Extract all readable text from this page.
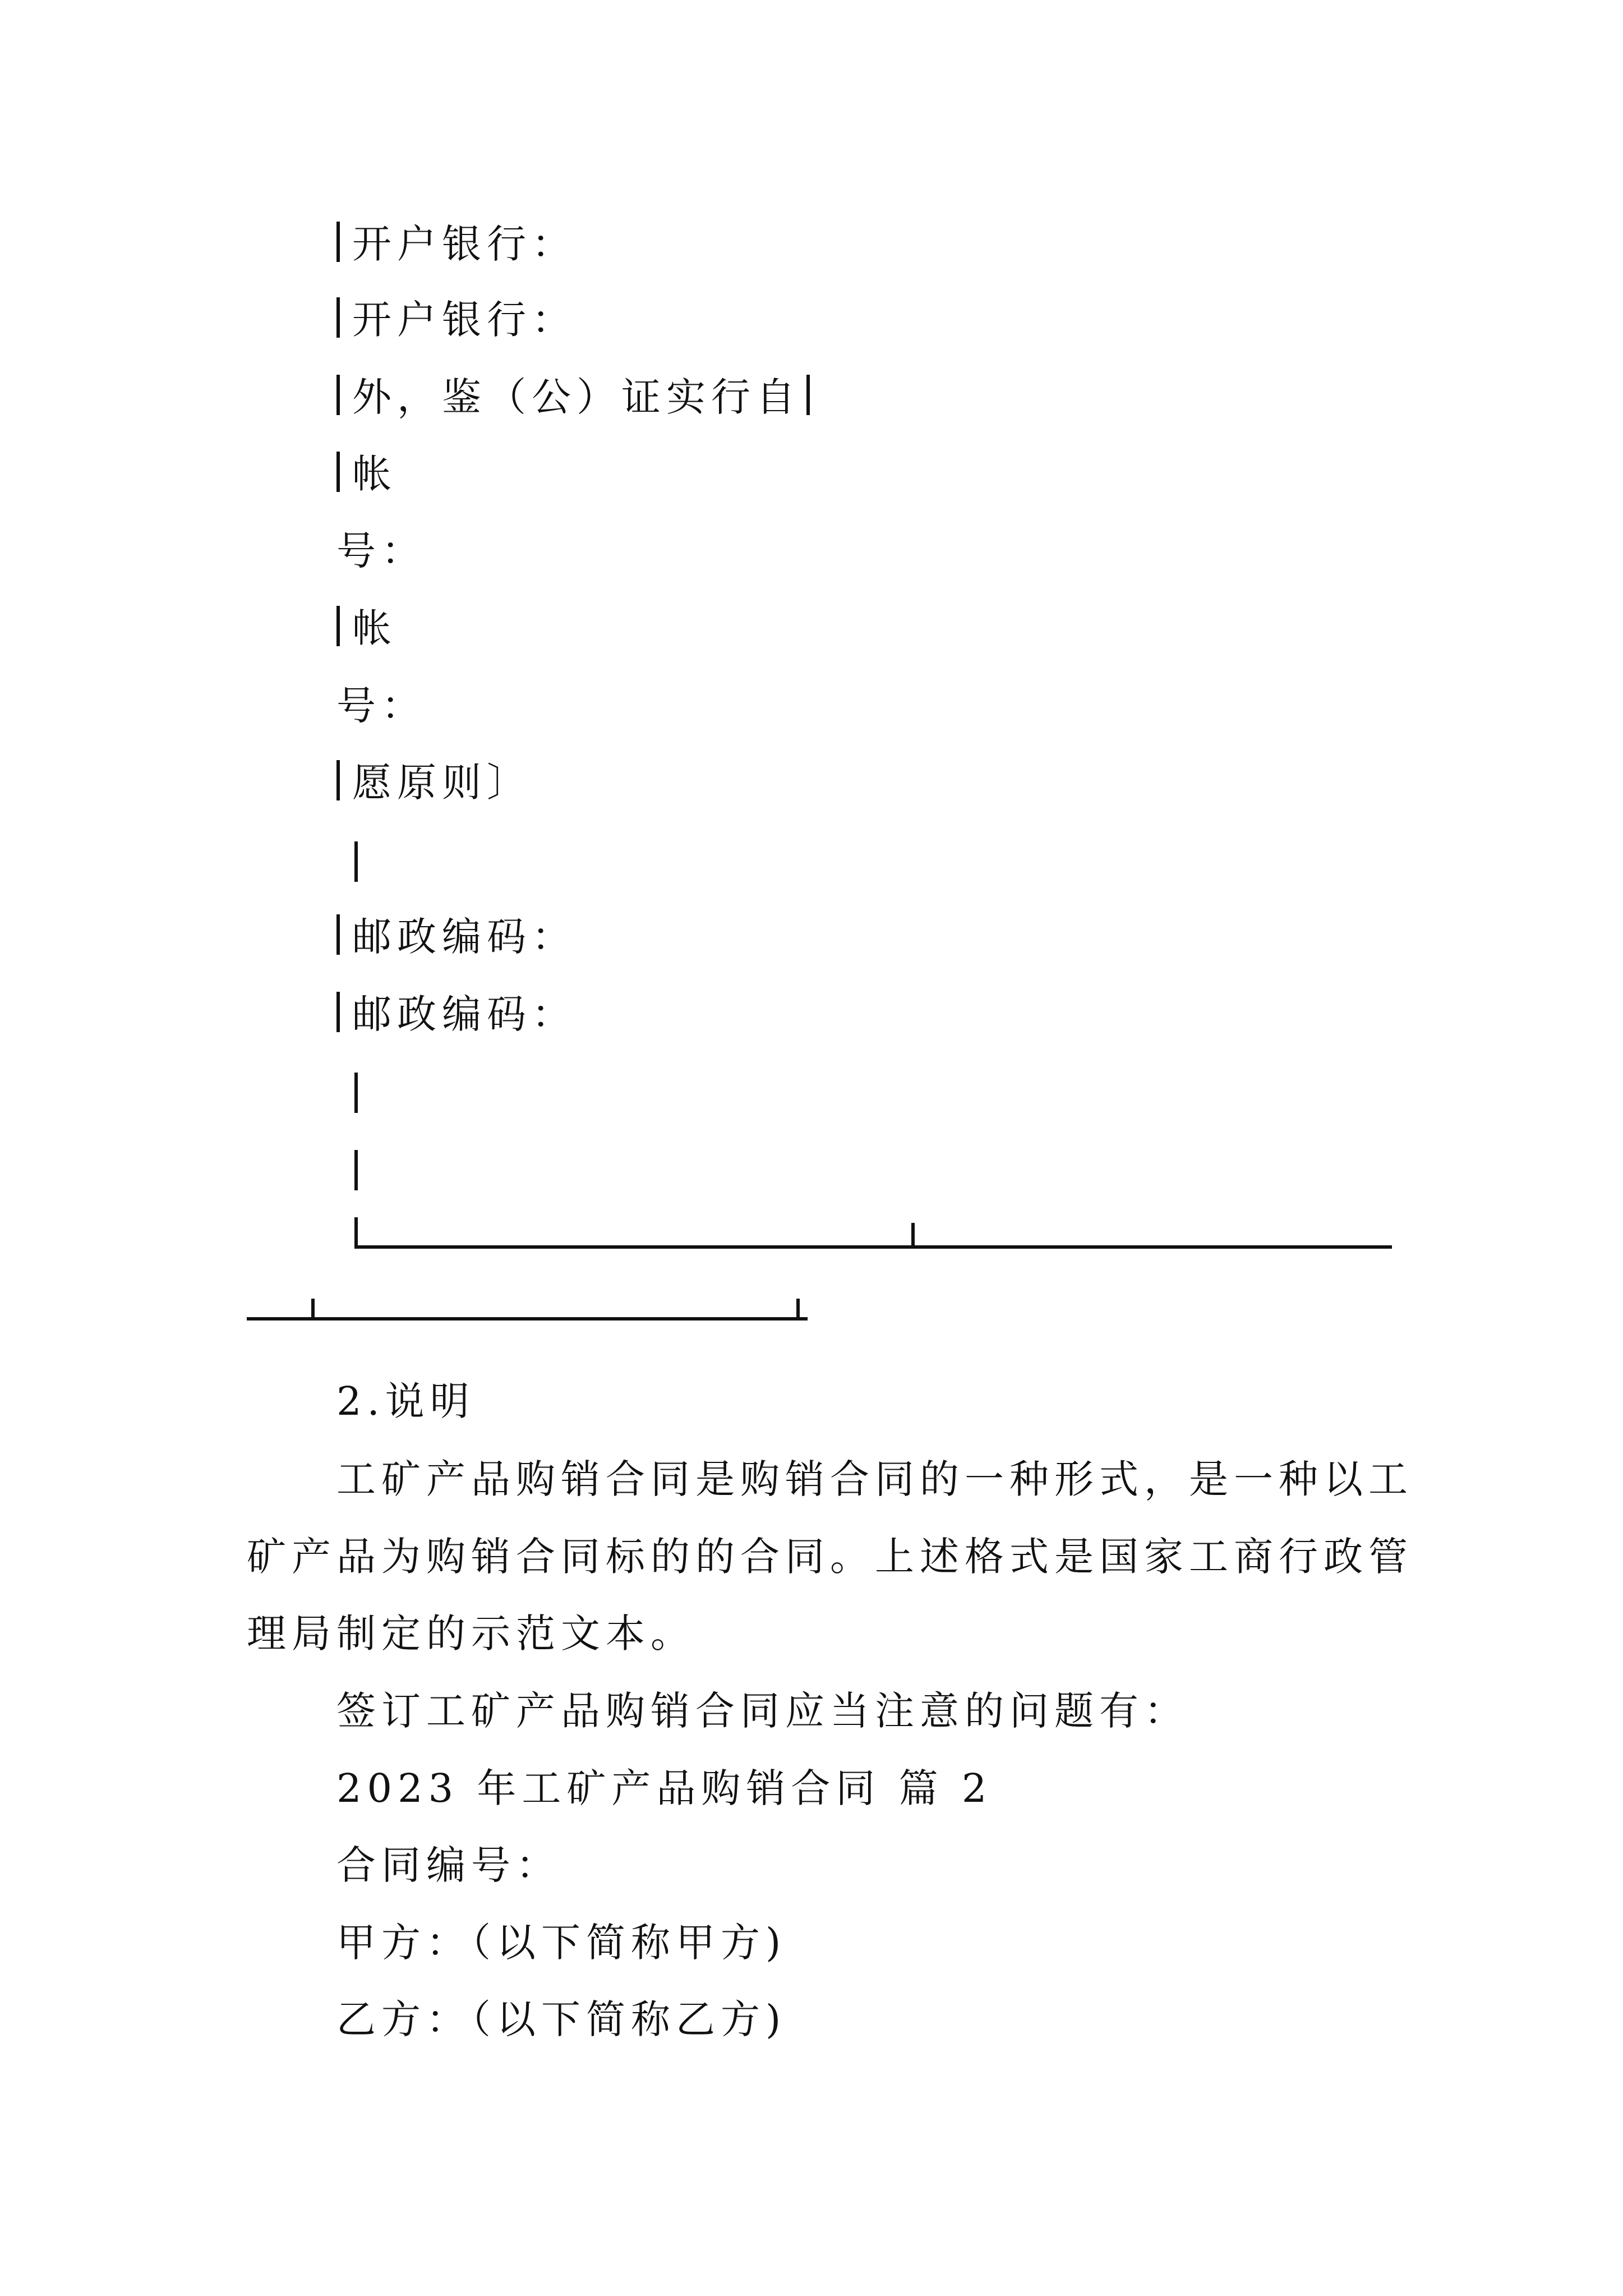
开户银行：
开户银行：
外，鉴（公）证实行自
帐
号：
帐
号：
愿原则〕
邮政编码：
邮政编码：
2.说明
工矿产品购销合同是购销合同的一种形式，是一种以工
矿产品为购销合同标的的合同。上述格式是国家工商行政管
理局制定的示范文本。
签订工矿产品购销合同应当注意的问题有：
2023 年工矿产品购销合同 篇 2
合同编号：
甲方：（以下简称甲方)
乙方：（以下简称乙方)
